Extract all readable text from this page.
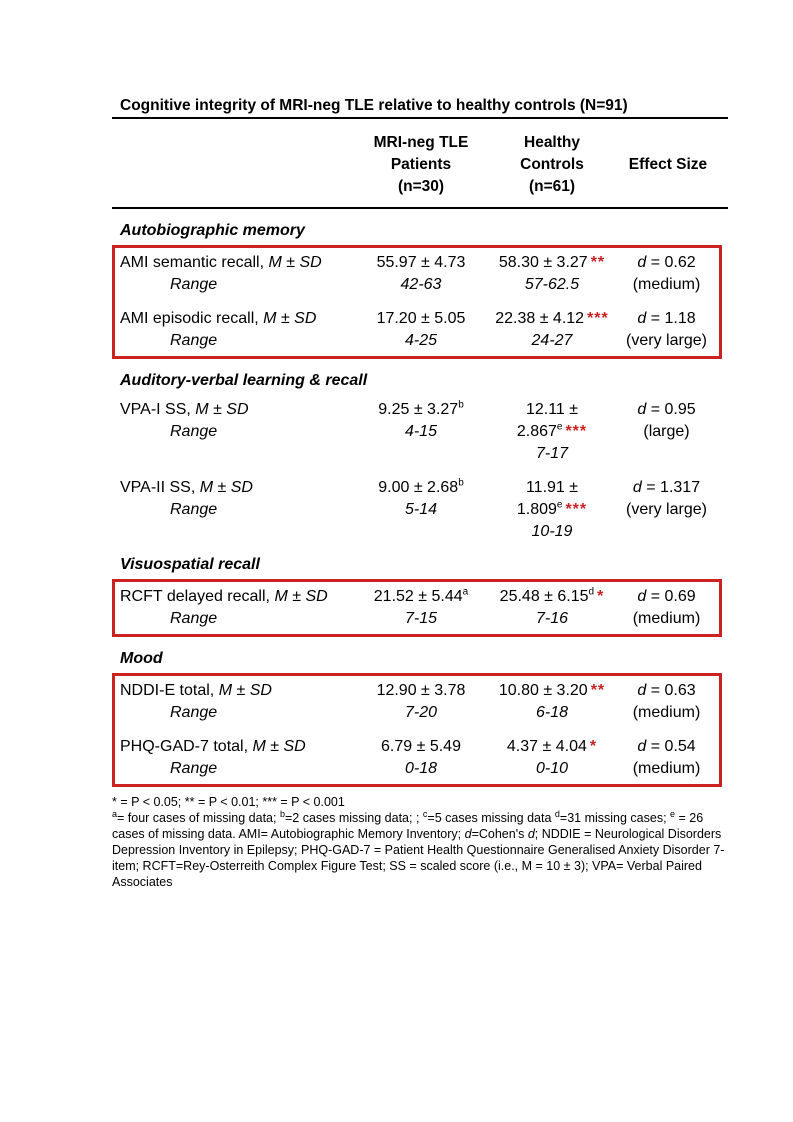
Cognitive integrity of MRI-neg TLE relative to healthy controls (N=91)
MRI-neg TLE
Patients
(n=30)
Healthy
Controls
(n=61)
Effect Size
Autobiographic memory
AMI semantic recall, M ± SD
Range
55.97 ± 4.73
42-63
58.30 ± 3.27 **
57-62.5
d = 0.62
(medium)
AMI episodic recall, M ± SD
Range
17.20 ± 5.05
4-25
22.38 ± 4.12 ***
24-27
d = 1.18
(very large)
Auditory-verbal learning & recall
VPA-I SS, M ± SD
Range
9.25 ± 3.27$^b$
4-15
12.11 ± 2.867$^e$ ***
7-17
d = 0.95
(large)
VPA-II SS, M ± SD
Range
9.00 ± 2.68$^b$
5-14
11.91 ± 1.809$^e$ ***
10-19
d = 1.317
(very large)
Visuospatial recall
RCFT delayed recall, M ± SD
Range
21.52 ± 5.44$^a$
7-15
25.48 ± 6.15$^d$ *
7-16
d = 0.69
(medium)
Mood
NDDI-E total, M ± SD
Range
12.90 ± 3.78
7-20
10.80 ± 3.20 **
6-18
d = 0.63
(medium)
PHQ-GAD-7 total, M ± SD
Range
6.79 ± 5.49
0-18
4.37 ± 4.04 *
0-10
d = 0.54
(medium)
* = P < 0.05; ** = P < 0.01; *** = P < 0.001
$^a$= four cases of missing data; $^b$=2 cases missing data; ; $^c$=5 cases missing data $^d$=31 missing cases; $^e$ = 26 cases of missing data. AMI= Autobiographic Memory Inventory; d=Cohen's d; NDDIE = Neurological Disorders Depression Inventory in Epilepsy; PHQ-GAD-7 = Patient Health Questionnaire Generalised Anxiety Disorder 7-item; RCFT=Rey-Osterreith Complex Figure Test; SS = scaled score (i.e., M = 10 ± 3); VPA= Verbal Paired Associates
